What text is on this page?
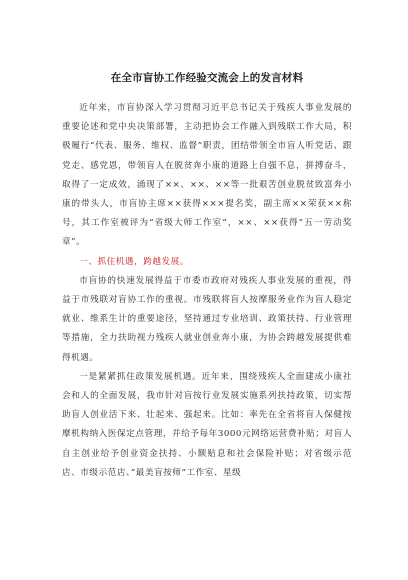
在全市盲协工作经验交流会上的发言材料

近年来，市盲协深入学习贯彻习近平总书记关于残疾人事业发展的重要论述和党中央决策部署，主动把协会工作融入到残联工作大局，积极履行“代表、服务、维权、监督”职责，团结带领全市盲人听党话、跟党走、感党恩，带领盲人在脱贫奔小康的道路上自强不息，拼搏奋斗，取得了一定成效，涌现了××、××、××等一批艰苦创业脱贫致富奔小康的带头人，市盲协主席××获得×××提名奖，副主席××荣获××称号，其工作室被评为“省级大师工作室”，××、××获得”五一劳动奖章”。

一、抓住机遇，跨越发展。

市盲协的快速发展得益于市委市政府对残疾人事业发展的重视，得益于市残联对盲协工作的重视。市残联将盲人按摩服务业作为盲人稳定就业、维系生计的重要途径，坚持通过专业培训、政策扶持、行业管理等措施，全力扶助视力残疾人就业创业奔小康，为协会跨越发展提供难得机遇。

一是紧紧抓住政策发展机遇。近年来，围绕残疾人全面建成小康社会和人的全面发展，我市针对盲按行业发展实施系列扶持政策，切实帮助盲人创业活下来、壮起来、强起来。比如：率先在全省将盲人保健按摩机构纳入医保定点管理，并给予每年3000元网络运营费补贴；对盲人自主创业给予创业资金扶持、小额贴息和社会保险补贴；对省级示范店、市级示范店、”最美盲按师”工作室、星级
